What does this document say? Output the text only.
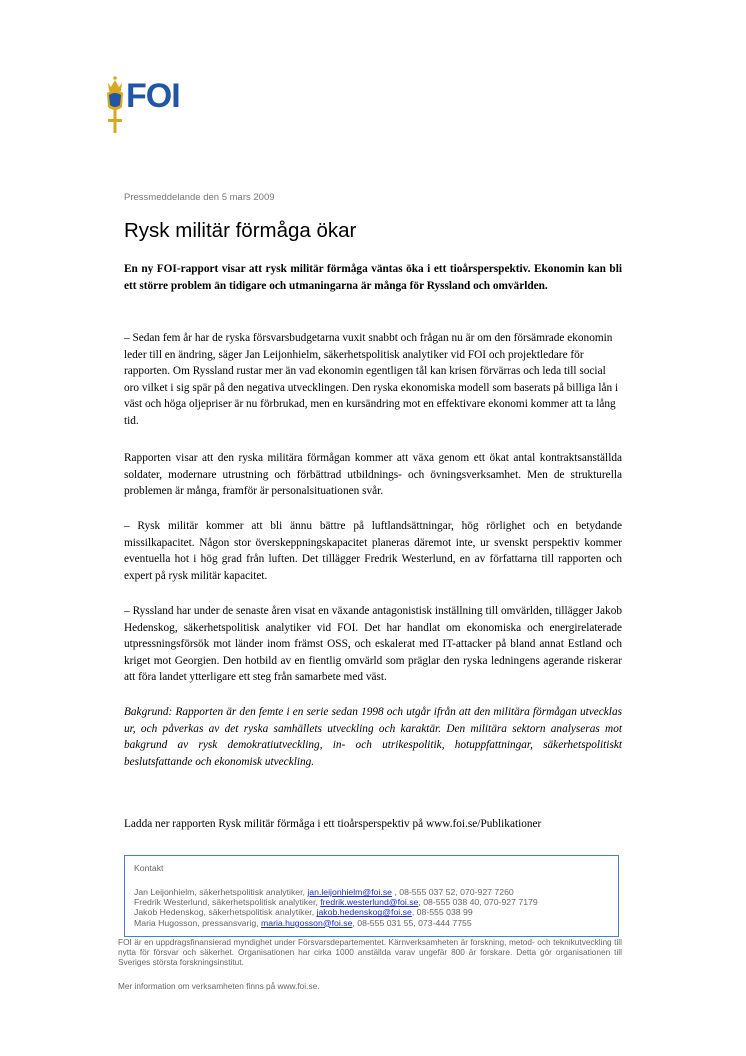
FOI
Pressmeddelande den 5 mars 2009
Rysk militär förmåga ökar

En ny FOI-rapport visar att rysk militär förmåga väntas öka i ett tioårsperspektiv. Ekonomin kan bli ett större problem än tidigare och utmaningarna är många för Ryssland och omvärlden.

– Sedan fem år har de ryska försvarsbudgetarna vuxit snabbt och frågan nu är om den försämrade ekonomin leder till en ändring, säger Jan Leijonhielm, säkerhetspolitisk analytiker vid FOI och projektledare för rapporten. Om Ryssland rustar mer än vad ekonomin egentligen tål kan krisen förvärras och leda till social oro vilket i sig spär på den negativa utvecklingen. Den ryska ekonomiska modell som baserats på billiga lån i väst och höga oljepriser är nu förbrukad, men en kursändring mot en effektivare ekonomi kommer att ta lång tid.

Rapporten visar att den ryska militära förmågan kommer att växa genom ett ökat antal kontraktsanställda soldater, modernare utrustning och förbättrad utbildnings- och övningsverksamhet. Men de strukturella problemen är många, framför är personalsituationen svår.

– Rysk militär kommer att bli ännu bättre på luftlandsättningar, hög rörlighet och en betydande missilkapacitet. Någon stor överskeppningskapacitet planeras däremot inte, ur svenskt perspektiv kommer eventuella hot i hög grad från luften. Det tillägger Fredrik Westerlund, en av författarna till rapporten och expert på rysk militär kapacitet.

– Ryssland har under de senaste åren visat en växande antagonistisk inställning till omvärlden, tillägger Jakob Hedenskog, säkerhetspolitisk analytiker vid FOI. Det har handlat om ekonomiska och energirelaterade utpressningsförsök mot länder inom främst OSS, och eskalerat med IT-attacker på bland annat Estland och kriget mot Georgien. Den hotbild av en fientlig omvärld som präglar den ryska ledningens agerande riskerar att föra landet ytterligare ett steg från samarbete med väst.

Bakgrund: Rapporten är den femte i en serie sedan 1998 och utgår ifrån att den militära förmågan utvecklas ur, och påverkas av det ryska samhällets utveckling och karaktär. Den militära sektorn analyseras mot bakgrund av rysk demokratiutveckling, in- och utrikespolitik, hotuppfattningar, säkerhetspolitiskt beslutsfattande och ekonomisk utveckling.

Ladda ner rapporten Rysk militär förmåga i ett tioårsperspektiv på www.foi.se/Publikationer

Kontakt
Jan Leijonhielm, säkerhetspolitisk analytiker, jan.leijonhielm@foi.se , 08-555 037 52, 070-927 7260
Fredrik Westerlund, säkerhetspolitisk analytiker, fredrik.westerlund@foi.se, 08-555 038 40, 070-927 7179
Jakob Hedenskog, säkerhetspolitisk analytiker, jakob.hedenskog@foi.se, 08-555 038 99
Maria Hugosson, pressansvarig, maria.hugosson@foi.se, 08-555 031 55, 073-444 7755
FOI är en uppdragsfinansierad myndighet under Försvarsdepartementet. Kärnverksamheten är forskning, metod- och teknikutveckling till nytta för försvar och säkerhet. Organisationen har cirka 1000 anställda varav ungefär 800 är forskare. Detta gör organisationen till Sveriges största forskningsinstitut.
Mer information om verksamheten finns på www.foi.se.
